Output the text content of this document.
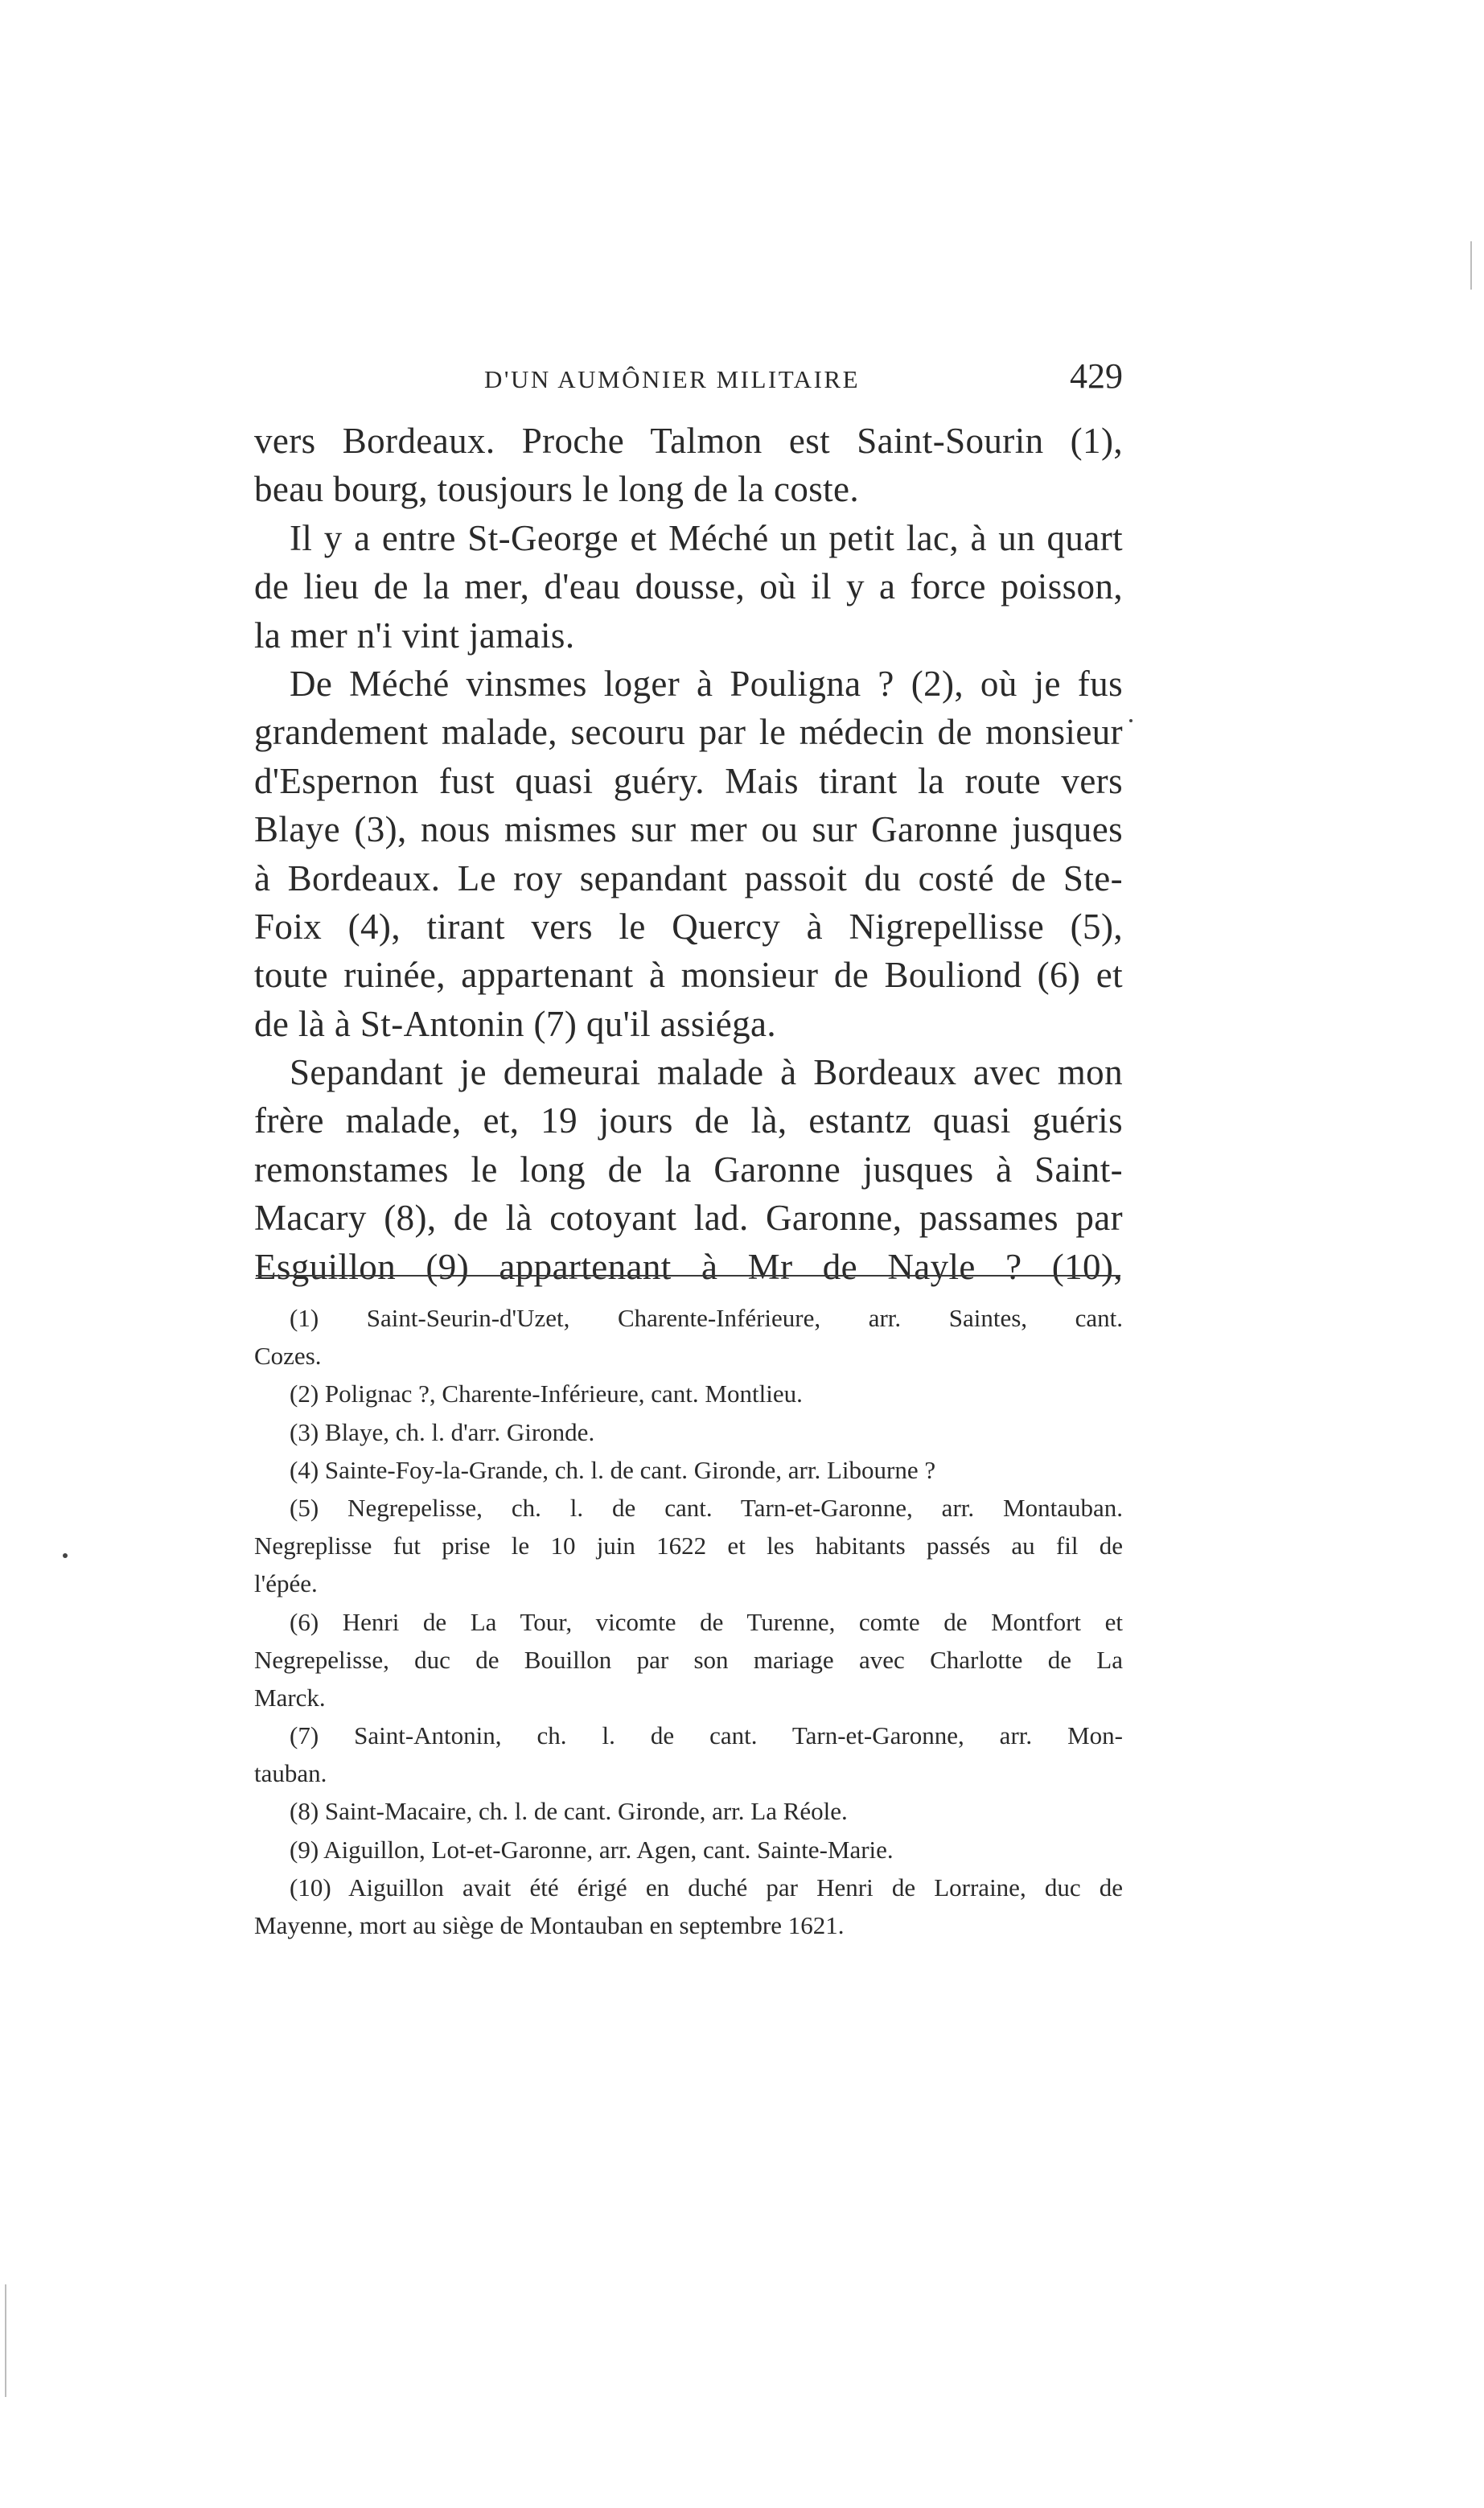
D'UN AUMÔNIER MILITAIRE	429
vers Bordeaux. Proche Talmon est Saint-Sourin (1),
beau bourg, tousjours le long de la coste.
Il y a entre St-George et Méché un petit lac, à un quart
de lieu de la mer, d'eau dousse, où il y a force poisson,
la mer n'i vint jamais.
De Méché vinsmes loger à Pouligna ? (2), où je fus
grandement malade, secouru par le médecin de monsieur
d'Espernon fust quasi guéry. Mais tirant la route vers
Blaye (3), nous mismes sur mer ou sur Garonne jusques
à Bordeaux. Le roy sepandant passoit du costé de Ste-
Foix (4), tirant vers le Quercy à Nigrepellisse (5),
toute ruinée, appartenant à monsieur de Bouliond (6) et
de là à St-Antonin (7) qu'il assiéga.
Sepandant je demeurai malade à Bordeaux avec mon
frère malade, et, 19 jours de là, estantz quasi guéris
remonstames le long de la Garonne jusques à Saint-
Macary (8), de là cotoyant lad. Garonne, passames par
Esguillon (9) appartenant à Mr de Nayle ? (10),
(1) Saint-Seurin-d'Uzet, Charente-Inférieure, arr. Saintes, cant.
Cozes.
(2) Polignac ?, Charente-Inférieure, cant. Montlieu.
(3) Blaye, ch. l. d'arr. Gironde.
(4) Sainte-Foy-la-Grande, ch. l. de cant. Gironde, arr. Libourne ?
(5) Negrepelisse, ch. l. de cant. Tarn-et-Garonne, arr. Montauban.
Negreplisse fut prise le 10 juin 1622 et les habitants passés au fil de
l'épée.
(6) Henri de La Tour, vicomte de Turenne, comte de Montfort et
Negrepelisse, duc de Bouillon par son mariage avec Charlotte de La
Marck.
(7) Saint-Antonin, ch. l. de cant. Tarn-et-Garonne, arr. Mon-
tauban.
(8) Saint-Macaire, ch. l. de cant. Gironde, arr. La Réole.
(9) Aiguillon, Lot-et-Garonne, arr. Agen, cant. Sainte-Marie.
(10) Aiguillon avait été érigé en duché par Henri de Lorraine, duc de
Mayenne, mort au siège de Montauban en septembre 1621.
